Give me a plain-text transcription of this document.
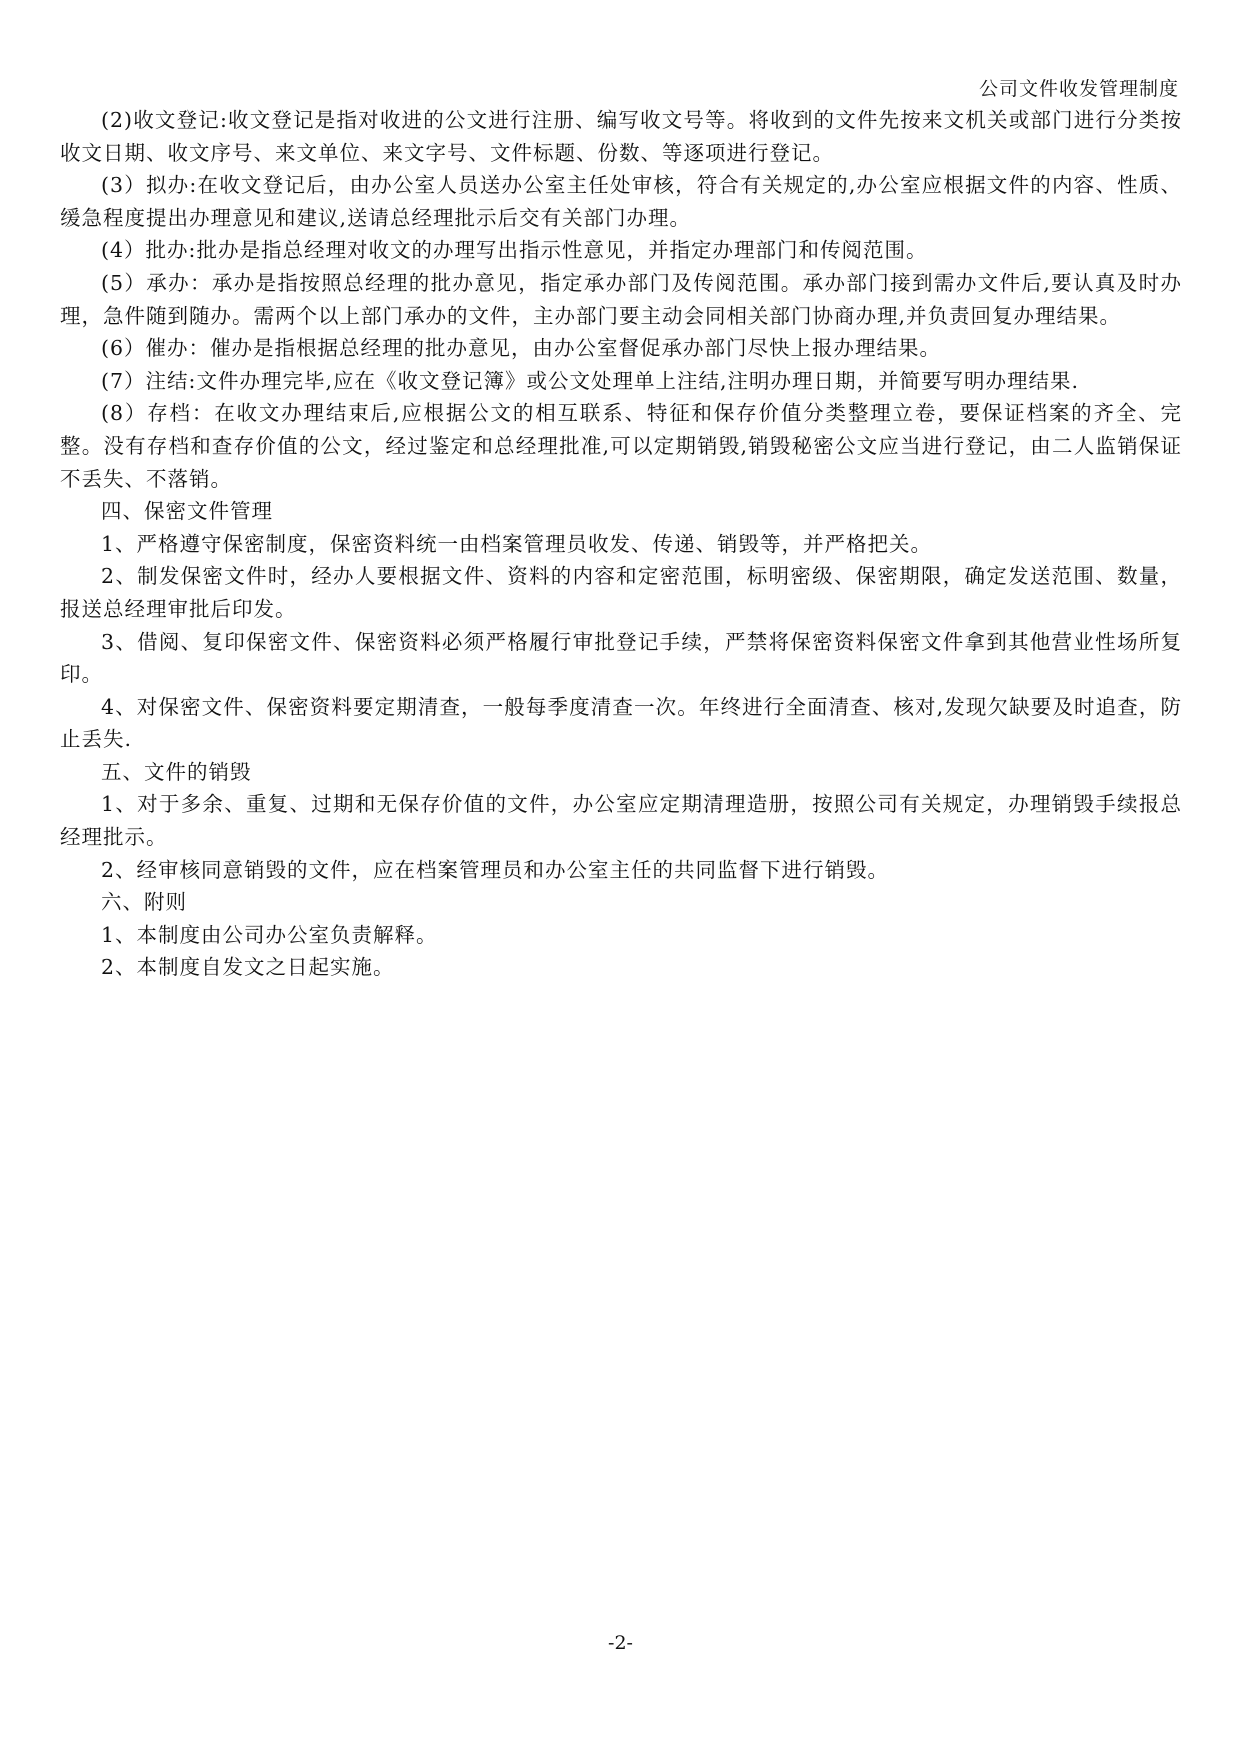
公司文件收发管理制度

(2)收文登记:收文登记是指对收进的公文进行注册、编写收文号等。将收到的文件先按来文机关或部门进行分类按收文日期、收文序号、来文单位、来文字号、文件标题、份数、等逐项进行登记。

(3）拟办:在收文登记后，由办公室人员送办公室主任处审核，符合有关规定的,办公室应根据文件的内容、性质、缓急程度提出办理意见和建议,送请总经理批示后交有关部门办理。

(4）批办:批办是指总经理对收文的办理写出指示性意见，并指定办理部门和传阅范围。

(5）承办：承办是指按照总经理的批办意见，指定承办部门及传阅范围。承办部门接到需办文件后,要认真及时办理，急件随到随办。需两个以上部门承办的文件，主办部门要主动会同相关部门协商办理,并负责回复办理结果。

(6）催办：催办是指根据总经理的批办意见，由办公室督促承办部门尽快上报办理结果。

(7）注结:文件办理完毕,应在《收文登记簿》或公文处理单上注结,注明办理日期，并简要写明办理结果.

(8）存档：在收文办理结束后,应根据公文的相互联系、特征和保存价值分类整理立卷，要保证档案的齐全、完整。没有存档和查存价值的公文，经过鉴定和总经理批准,可以定期销毁,销毁秘密公文应当进行登记，由二人监销保证不丢失、不落销。

四、保密文件管理

1、严格遵守保密制度，保密资料统一由档案管理员收发、传递、销毁等，并严格把关。

2、制发保密文件时，经办人要根据文件、资料的内容和定密范围，标明密级、保密期限，确定发送范围、数量，报送总经理审批后印发。

3、借阅、复印保密文件、保密资料必须严格履行审批登记手续，严禁将保密资料保密文件拿到其他营业性场所复印。

4、对保密文件、保密资料要定期清查，一般每季度清查一次。年终进行全面清查、核对,发现欠缺要及时追查，防止丢失.

五、文件的销毁

1、对于多余、重复、过期和无保存价值的文件，办公室应定期清理造册，按照公司有关规定，办理销毁手续报总经理批示。

2、经审核同意销毁的文件，应在档案管理员和办公室主任的共同监督下进行销毁。

六、附则

1、本制度由公司办公室负责解释。

2、本制度自发文之日起实施。

-2-
